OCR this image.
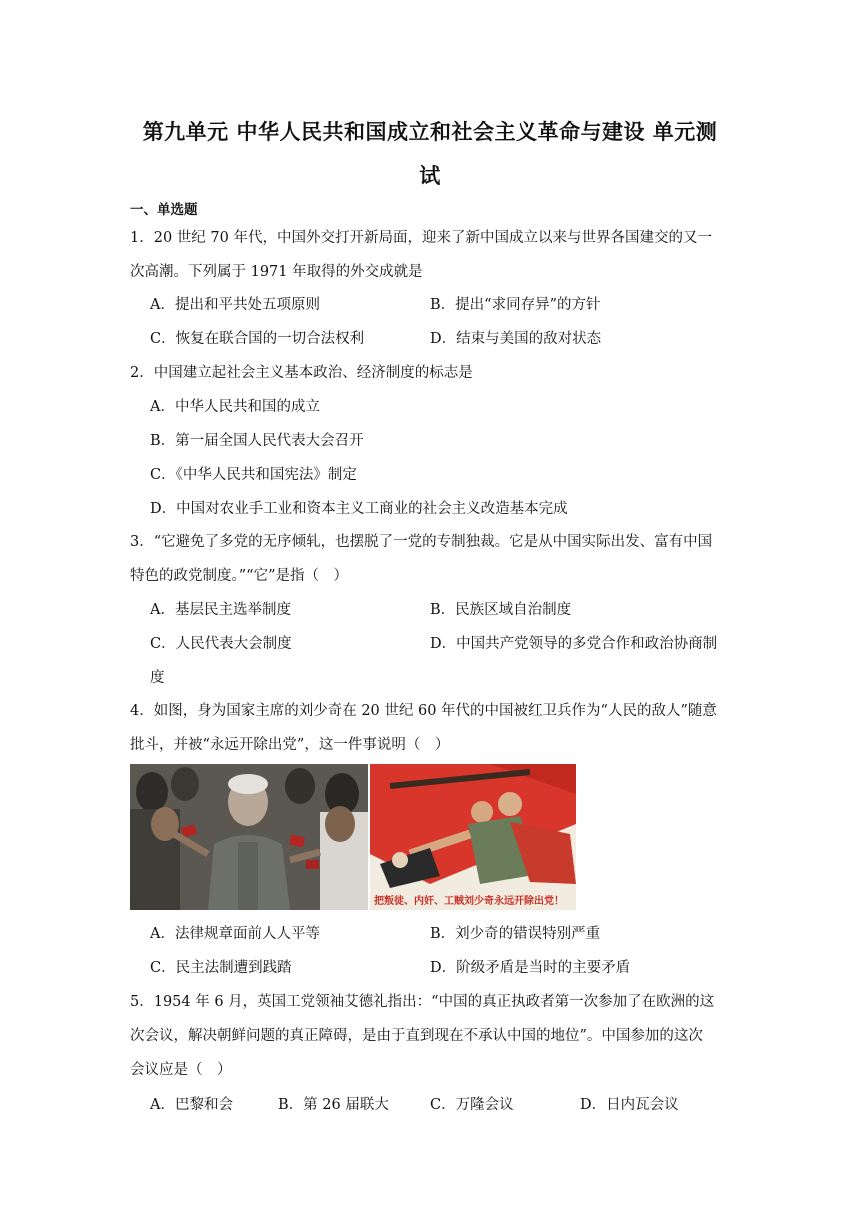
第九单元 中华人民共和国成立和社会主义革命与建设 单元测
试
一、单选题
1．20 世纪 70 年代，中国外交打开新局面，迎来了新中国成立以来与世界各国建交的又一
次高潮。下列属于 1971 年取得的外交成就是
A．提出和平共处五项原则	B．提出“求同存异”的方针
C．恢复在联合国的一切合法权利	D．结束与美国的敌对状态
2．中国建立起社会主义基本政治、经济制度的标志是
A．中华人民共和国的成立
B．第一届全国人民代表大会召开
C．《中华人民共和国宪法》制定
D．中国对农业手工业和资本主义工商业的社会主义改造基本完成
3．“它避免了多党的无序倾轧，也摆脱了一党的专制独裁。它是从中国实际出发、富有中国
特色的政党制度。”“它”是指（　）
A．基层民主选举制度	B．民族区域自治制度
C．人民代表大会制度	D．中国共产党领导的多党合作和政治协商制
度
4．如图，身为国家主席的刘少奇在 20 世纪 60 年代的中国被红卫兵作为“人民的敌人”随意
批斗，并被“永远开除出党”，这一件事说明（　）
把叛徒、内奸、工贼刘少奇永远开除出党！
A．法律规章面前人人平等	B．刘少奇的错误特别严重
C．民主法制遭到践踏	D．阶级矛盾是当时的主要矛盾
5．1954 年 6 月，英国工党领袖艾德礼指出：“中国的真正执政者第一次参加了在欧洲的这
次会议，解决朝鲜问题的真正障碍，是由于直到现在不承认中国的地位”。中国参加的这次
会议应是（　）
A．巴黎和会	B．第 26 届联大	C．万隆会议	D．日内瓦会议
